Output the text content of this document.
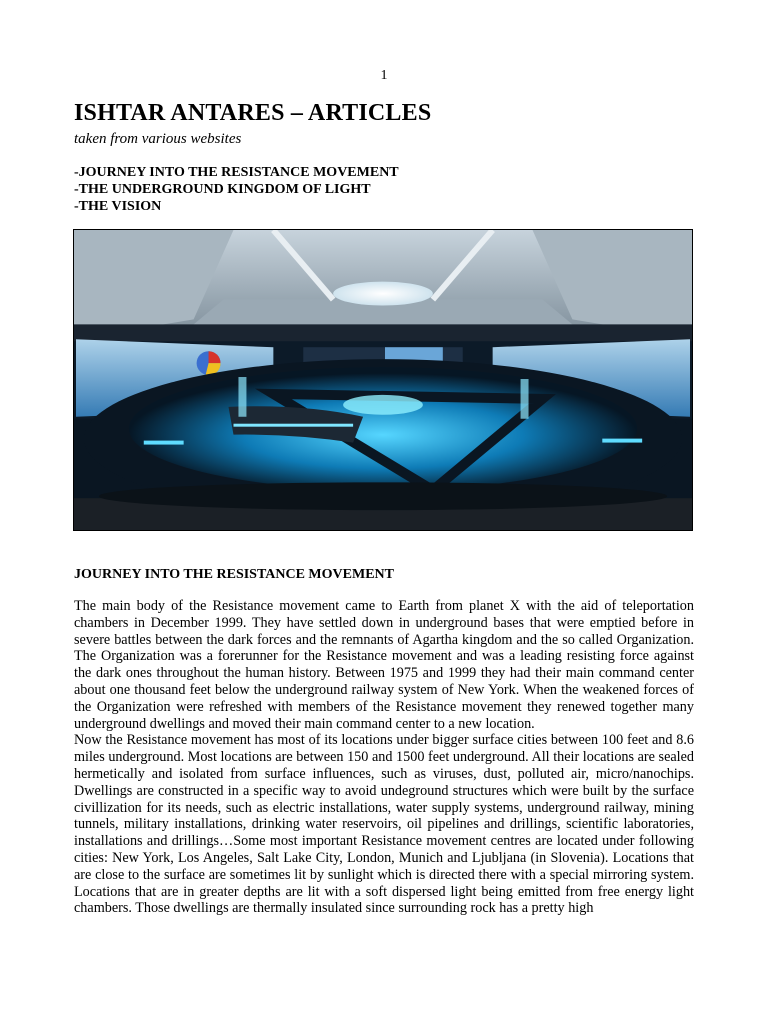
1
ISHTAR ANTARES – ARTICLES
taken from various websites
-JOURNEY INTO THE RESISTANCE MOVEMENT
-THE UNDERGROUND KINGDOM OF LIGHT
-THE VISION
JOURNEY INTO THE RESISTANCE MOVEMENT

The main body of the Resistance movement came to Earth from planet X with the aid of teleportation chambers in December 1999. They have settled down in underground bases that were emptied before in severe battles between the dark forces and the remnants of Agartha kingdom and the so called Organization. The Organization was a forerunner for the Resistance movement and was a leading resisting force against the dark ones throughout the human history. Between 1975 and 1999 they had their main command center about one thousand feet below the underground railway system of New York. When the weakened forces of the Organization were refreshed with members of the Resistance movement they renewed together many underground dwellings and moved their main command center to a new location.

Now the Resistance movement has most of its locations under bigger surface cities between 100 feet and 8.6 miles underground. Most locations are between 150 and 1500 feet underground. All their locations are sealed hermetically and isolated from surface influences, such as viruses, dust, polluted air, micro/nanochips. Dwellings are constructed in a specific way to avoid undeground structures which were built by the surface civillization for its needs, such as electric installations, water supply systems, underground railway, mining tunnels, military installations, drinking water reservoirs, oil pipelines and drillings, scientific laboratories, installations and drillings…Some most important Resistance movement centres are located under following cities: New York, Los Angeles, Salt Lake City, London, Munich and Ljubljana (in Slovenia). Locations that are close to the surface are sometimes lit by sunlight which is directed there with a special mirroring system. Locations that are in greater depths are lit with a soft dispersed light being emitted from free energy light chambers. Those dwellings are thermally insulated since surrounding rock has a pretty high
